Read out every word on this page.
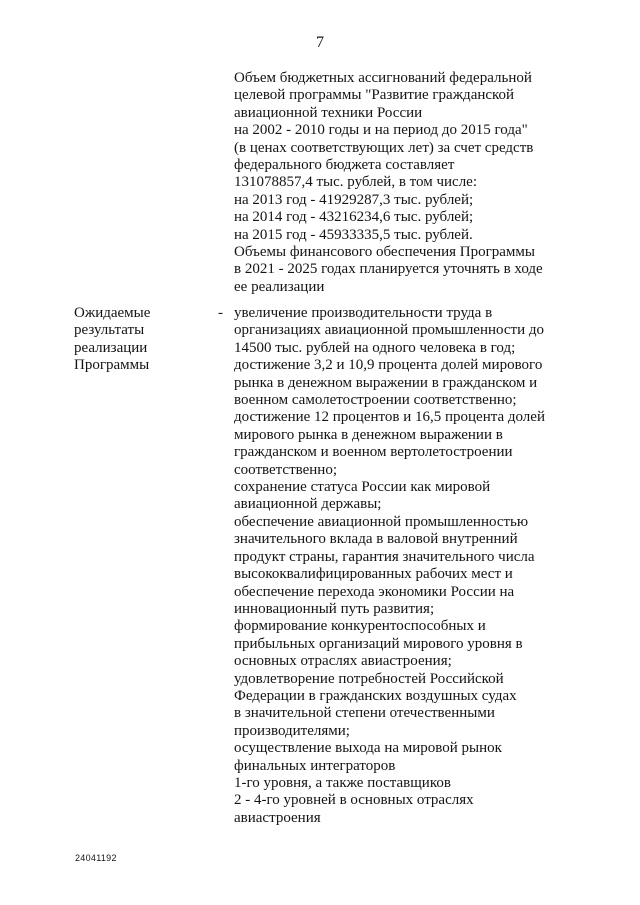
7
Объем бюджетных ассигнований федеральной
целевой программы "Развитие гражданской
авиационной техники России
на 2002 - 2010 годы и на период до 2015 года"
(в ценах соответствующих лет) за счет средств
федерального бюджета составляет
131078857,4 тыс. рублей, в том числе:
на 2013 год - 41929287,3 тыс. рублей;
на 2014 год - 43216234,6 тыс. рублей;
на 2015 год - 45933335,5 тыс. рублей.
Объемы финансового обеспечения Программы
в 2021 - 2025 годах планируется уточнять в ходе
ее реализации
Ожидаемые
результаты
реализации
Программы
- увеличение производительности труда в
организациях авиационной промышленности до
14500 тыс. рублей на одного человека в год;
достижение 3,2 и 10,9 процента долей мирового
рынка в денежном выражении в гражданском и
военном самолетостроении соответственно;
достижение 12 процентов и 16,5 процента долей
мирового рынка в денежном выражении в
гражданском и военном вертолетостроении
соответственно;
сохранение статуса России как мировой
авиационной державы;
обеспечение авиационной промышленностью
значительного вклада в валовой внутренний
продукт страны, гарантия значительного числа
высококвалифицированных рабочих мест и
обеспечение перехода экономики России на
инновационный путь развития;
формирование конкурентоспособных и
прибыльных организаций мирового уровня в
основных отраслях авиастроения;
удовлетворение потребностей Российской
Федерации в гражданских воздушных судах
в значительной степени отечественными
производителями;
осуществление выхода на мировой рынок
финальных интеграторов
1-го уровня, а также поставщиков
2 - 4-го уровней в основных отраслях
авиастроения
24041192
